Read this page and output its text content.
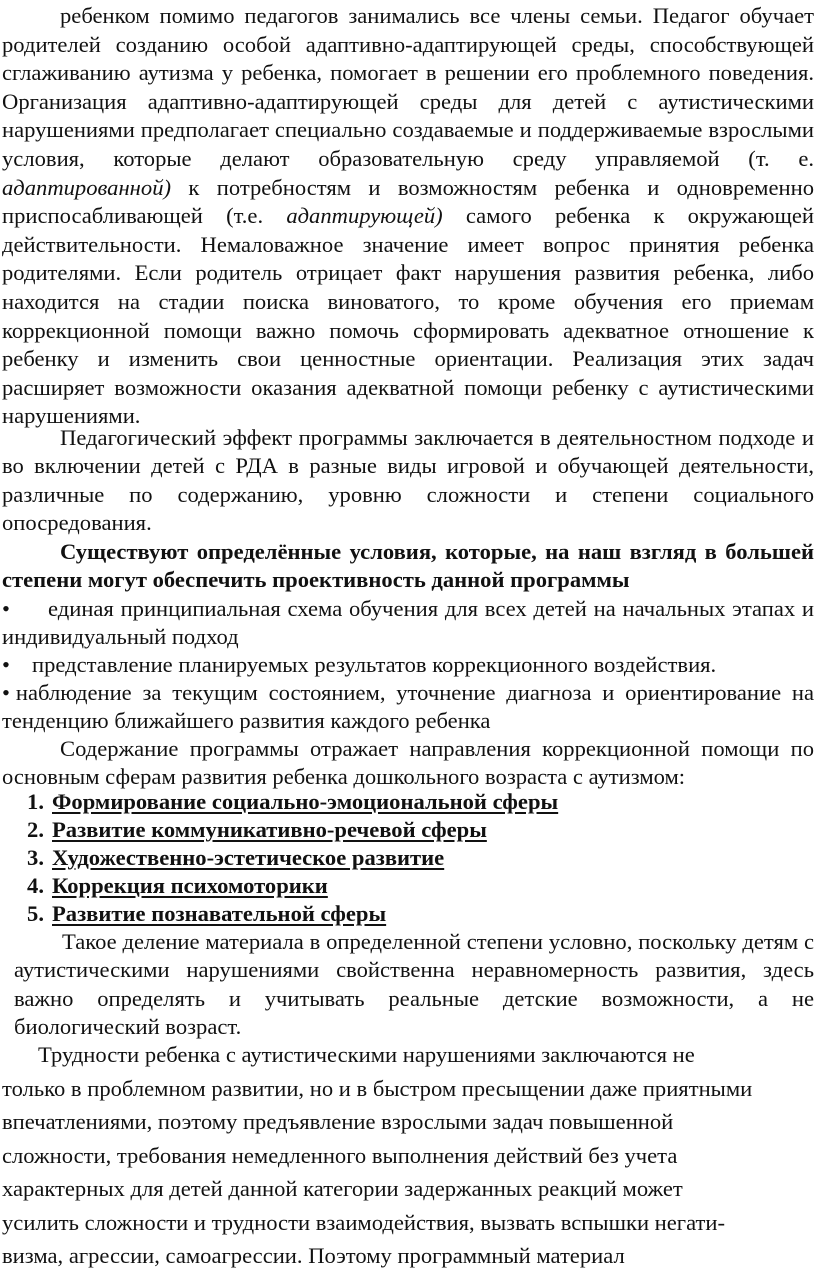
ребенком помимо педагогов занимались все члены семьи. Педагог обучает родителей созданию особой адаптивно-адаптирующей среды, способствующей сглаживанию аутизма у ребенка, помогает в решении его проблемного поведения. Организация адаптивно-адаптирующей среды для детей с аутистическими нарушениями предполагает специально создаваемые и поддерживаемые взрослыми условия, которые делают образовательную среду управляемой (т. е. адаптированной) к потребностям и возможностям ребенка и одновременно приспосабливающей (т.е. адаптирующей) самого ребенка к окружающей действительности. Немаловажное значение имеет вопрос принятия ребенка родителями. Если родитель отрицает факт нарушения развития ребенка, либо находится на стадии поиска виноватого, то кроме обучения его приемам коррекционной помощи важно помочь сформировать адекватное отношение к ребенку и изменить свои ценностные ориентации. Реализация этих задач расширяет возможности оказания адекватной помощи ребенку с аутистическими нарушениями.

Педагогический эффект программы заключается в деятельностном подходе и во включении детей с РДА в разные виды игровой и обучающей деятельности, различные по содержанию, уровню сложности и степени социального опосредования.

Существуют определённые условия, которые, на наш взгляд в большей степени могут обеспечить проективность данной программы

• единая принципиальная схема обучения для всех детей на начальных этапах и индивидуальный подход
• представление планируемых результатов коррекционного воздействия.
• наблюдение за текущим состоянием, уточнение диагноза и ориентирование на тенденцию ближайшего развития каждого ребенка

Содержание программы отражает направления коррекционной помощи по основным сферам развития ребенка дошкольного возраста с аутизмом:

1. Формирование социально-эмоциональной сферы
2. Развитие коммуникативно-речевой сферы
3. Художественно-эстетическое развитие
4. Коррекция психомоторики
5. Развитие познавательной сферы

Такое деление материала в определенной степени условно, поскольку детям с аутистическими нарушениями свойственна неравномерность развития, здесь важно определять и учитывать реальные детские возможности, а не биологический возраст.

Трудности ребенка с аутистическими нарушениями заключаются не
только в проблемном развитии, но и в быстром пресыщении даже приятными
впечатлениями, поэтому предъявление взрослыми задач повышенной
сложности, требования немедленного выполнения действий без учета
характерных для детей данной категории задержанных реакций может
усилить сложности и трудности взаимодействия, вызвать вспышки негати-
визма, агрессии, самоагрессии. Поэтому программный материал
